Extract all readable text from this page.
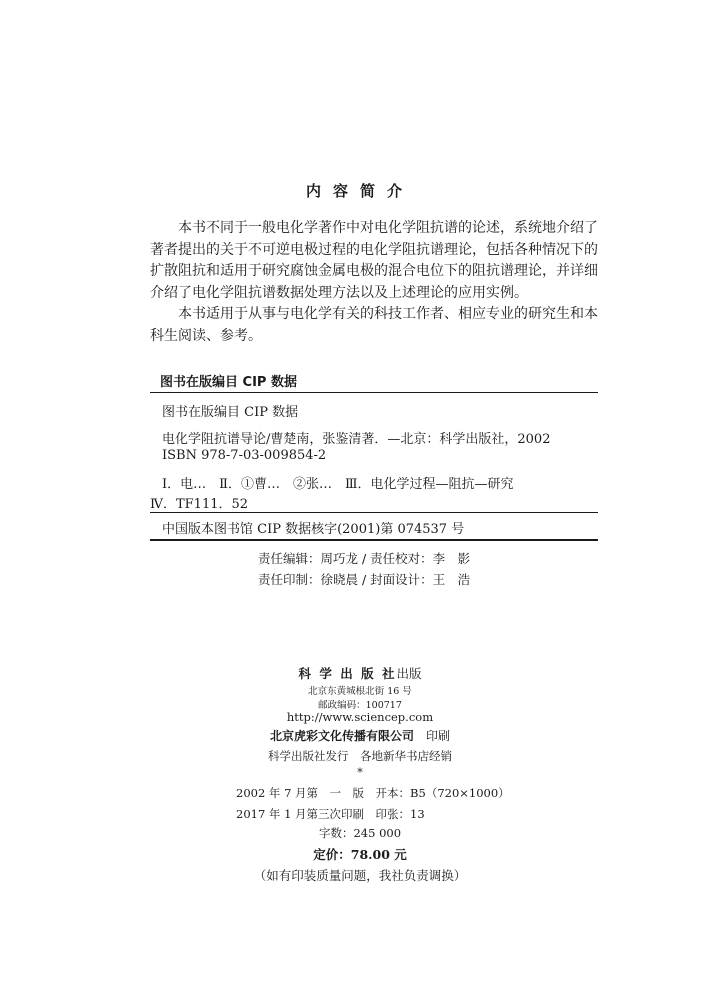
内容简介
本书不同于一般电化学著作中对电化学阻抗谱的论述，系统地介绍了
著者提出的关于不可逆电极过程的电化学阻抗谱理论，包括各种情况下的
扩散阻抗和适用于研究腐蚀金属电极的混合电位下的阻抗谱理论，并详细
介绍了电化学阻抗谱数据处理方法以及上述理论的应用实例。
本书适用于从事与电化学有关的科技工作者、相应专业的研究生和本
科生阅读、参考。
图书在版编目 CIP 数据
图书在版编目 CIP 数据
电化学阻抗谱导论/曹楚南，张鉴清著．—北京：科学出版社，2002
ISBN 978-7-03-009854-2
Ⅰ．电…　Ⅱ．①曹…　②张…　Ⅲ．电化学过程—阻抗—研究
Ⅳ．TF111．52
中国版本图书馆 CIP 数据核字(2001)第 074537 号
责任编辑：周巧龙 / 责任校对：李　影
责任印制：徐晓晨 / 封面设计：王　浩
科 学 出 版 社出版
北京东黄城根北街 16 号
邮政编码：100717
http://www.sciencep.com
北京虎彩文化传播有限公司　 印刷
科学出版社发行　各地新华书店经销
*
2002 年 7 月第　一　版　开本：B5（720×1000）
2017 年 1 月第三次印刷　印张：13
字数：245 000
定价：78.00 元
（如有印装质量问题，我社负责调换）
